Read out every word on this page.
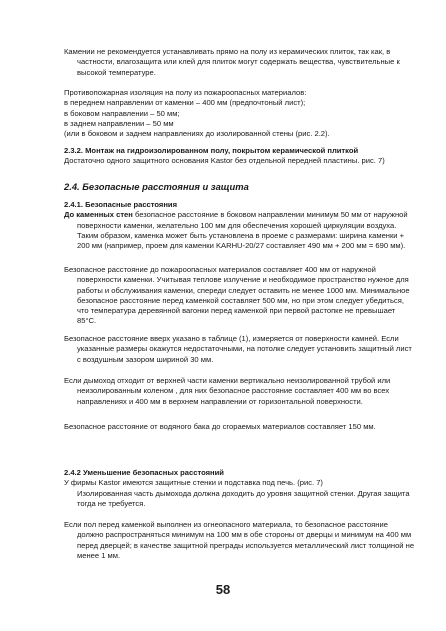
Камении не рекомендуется устанавливать прямо на полу из керамических плиток, так как, в частности, влагозащита или клей для плиток могут содержать вещества, чувствительные к высокой температуре.

Противопожарная изоляция на полу из пожароопасных материалов:

в переднем направлении от каменки – 400 мм (предпочтоный лист);

в боковом направлении – 50 мм;

в заднем направлении – 50 мм

(или в боковом и заднем направлениях до изолированной стены (рис. 2.2).

2.3.2. Монтаж на гидроизолированном полу, покрытом керамической плиткой

Достаточно одного защитного основания Kastor без отдельной передней пластины. рис. 7)

2.4. Безопасные расстояния и защита

2.4.1. Безопасные расстояния

До каменных стен безопасное расстояние в боковом направлении минимум 50 мм от наружной поверхности каменки, желательно 100 мм для обеспечения хорошей циркуляции воздуха. Таким образом, каменка может быть установлена в проеме с размерами: ширина каменки + 200 мм (например, проем для каменки KARHU-20/27 составляет 490 мм + 200 мм = 690 мм).

Безопасное расстояние до пожароопасных материалов составляет 400 мм от наружной поверхности каменки. Учитывая теплове излучение и необходимое пространство нужное для работы и обслуживания каменки, спереди следует оставить не менее 1000 мм. Минимальное безопасное расстояние перед каменкой составляет 500 мм, но при этом следует убедиться, что температура деревянной вагонки перед каменкой при первой растопке не превышает 85°C.

Безопасное расстояние вверх указано в таблице (1), измеряется от поверхности камней. Если указанные размеры окажутся недостаточными, на потолке следует установить защитный лист с воздушным зазором шириной 30 мм.

Если дымоход отходит от верхней части каменки вертикально неизолированной трубой или неизолированным коленом , для них безопасное расстояние составляет 400 мм во всех направлениях и 400 мм в верхнем направлении от горизонтальной поверхности.

Безопасное расстояние от водяного бака до сгораемых материалов составляет 150 мм.

2.4.2 Уменьшение безопасных расстояний

У фирмы Kastor имеются защитные стенки и подставка под печь. (рис. 7)

Изолированная часть дымохода должна доходить до уровня защитной стенки. Другая защита тогда не требуется.

Если пол перед каменкой выполнен из огнеопасного материала, то безопасное расстояние должно распространяться минимум на 100 мм в обе стороны от дверцы и минимум на 400 мм перед дверцей; в качестве защитной преграды используется металлический лист толщиной не менее 1 мм.

58
